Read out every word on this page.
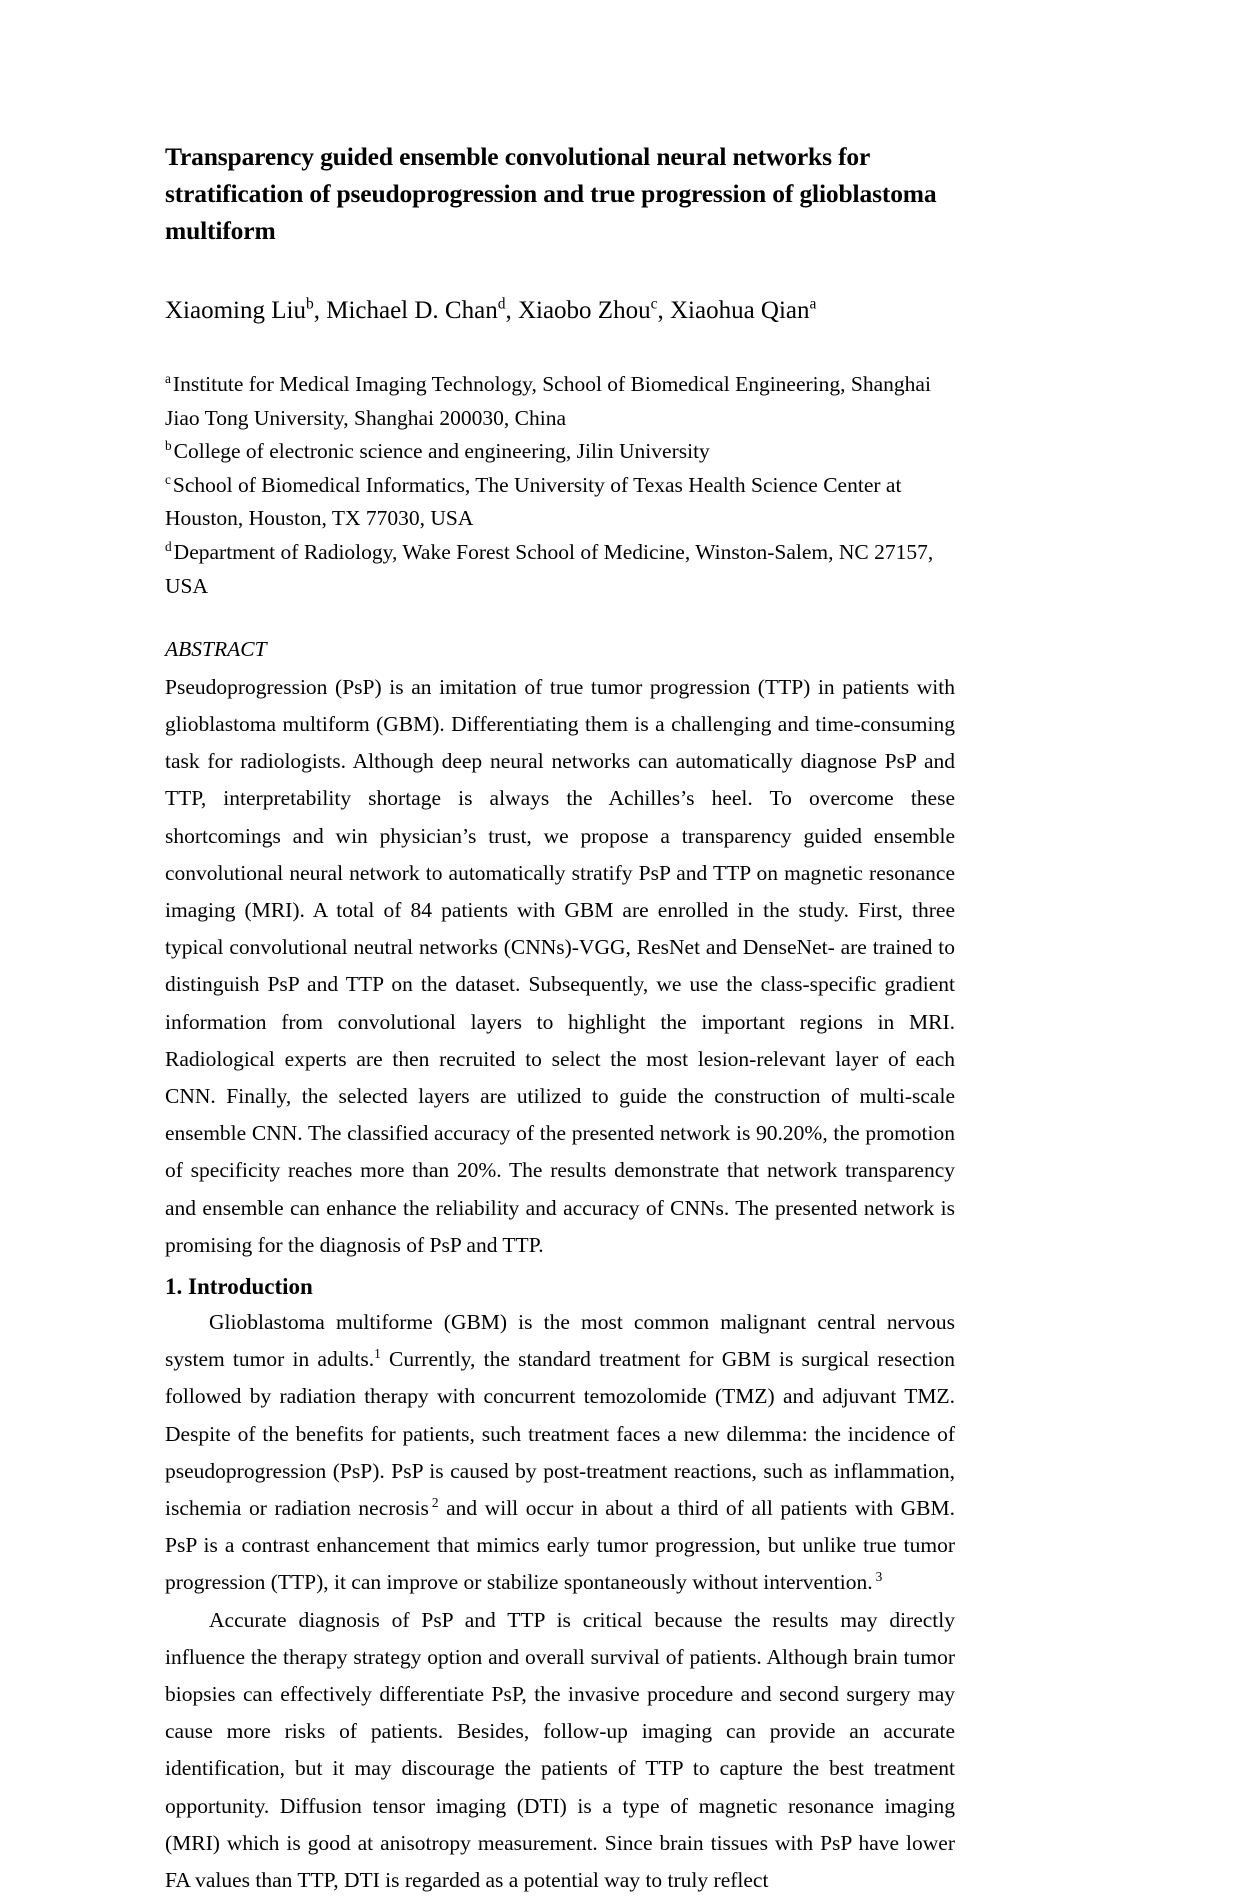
Transparency guided ensemble convolutional neural networks for stratification of pseudoprogression and true progression of glioblastoma multiform

Xiaoming Liu$^b$, Michael D. Chan$^d$, Xiaobo Zhou$^c$, Xiaohua Qian$^a$

$^a$Institute for Medical Imaging Technology, School of Biomedical Engineering, Shanghai Jiao Tong University, Shanghai 200030, China

$^b$College of electronic science and engineering, Jilin University

$^c$School of Biomedical Informatics, The University of Texas Health Science Center at Houston, Houston, TX 77030, USA

$^d$Department of Radiology, Wake Forest School of Medicine, Winston-Salem, NC 27157, USA

ABSTRACT

Pseudoprogression (PsP) is an imitation of true tumor progression (TTP) in patients with glioblastoma multiform (GBM). Differentiating them is a challenging and time-consuming task for radiologists. Although deep neural networks can automatically diagnose PsP and TTP, interpretability shortage is always the Achilles’s heel. To overcome these shortcomings and win physician’s trust, we propose a transparency guided ensemble convolutional neural network to automatically stratify PsP and TTP on magnetic resonance imaging (MRI). A total of 84 patients with GBM are enrolled in the study. First, three typical convolutional neutral networks (CNNs)-VGG, ResNet and DenseNet- are trained to distinguish PsP and TTP on the dataset. Subsequently, we use the class-specific gradient information from convolutional layers to highlight the important regions in MRI. Radiological experts are then recruited to select the most lesion-relevant layer of each CNN. Finally, the selected layers are utilized to guide the construction of multi-scale ensemble CNN. The classified accuracy of the presented network is 90.20%, the promotion of specificity reaches more than 20%. The results demonstrate that network transparency and ensemble can enhance the reliability and accuracy of CNNs. The presented network is promising for the diagnosis of PsP and TTP.

1. Introduction

Glioblastoma multiforme (GBM) is the most common malignant central nervous system tumor in adults.$^1$ Currently, the standard treatment for GBM is surgical resection followed by radiation therapy with concurrent temozolomide (TMZ) and adjuvant TMZ. Despite of the benefits for patients, such treatment faces a new dilemma: the incidence of pseudoprogression (PsP). PsP is caused by post-treatment reactions, such as inflammation, ischemia or radiation necrosis $^2$ and will occur in about a third of all patients with GBM. PsP is a contrast enhancement that mimics early tumor progression, but unlike true tumor progression (TTP), it can improve or stabilize spontaneously without intervention. $^3$

Accurate diagnosis of PsP and TTP is critical because the results may directly influence the therapy strategy option and overall survival of patients. Although brain tumor biopsies can effectively differentiate PsP, the invasive procedure and second surgery may cause more risks of patients. Besides, follow-up imaging can provide an accurate identification, but it may discourage the patients of TTP to capture the best treatment opportunity. Diffusion tensor imaging (DTI) is a type of magnetic resonance imaging (MRI) which is good at anisotropy measurement. Since brain tissues with PsP have lower FA values than TTP, DTI is regarded as a potential way to truly reflect
